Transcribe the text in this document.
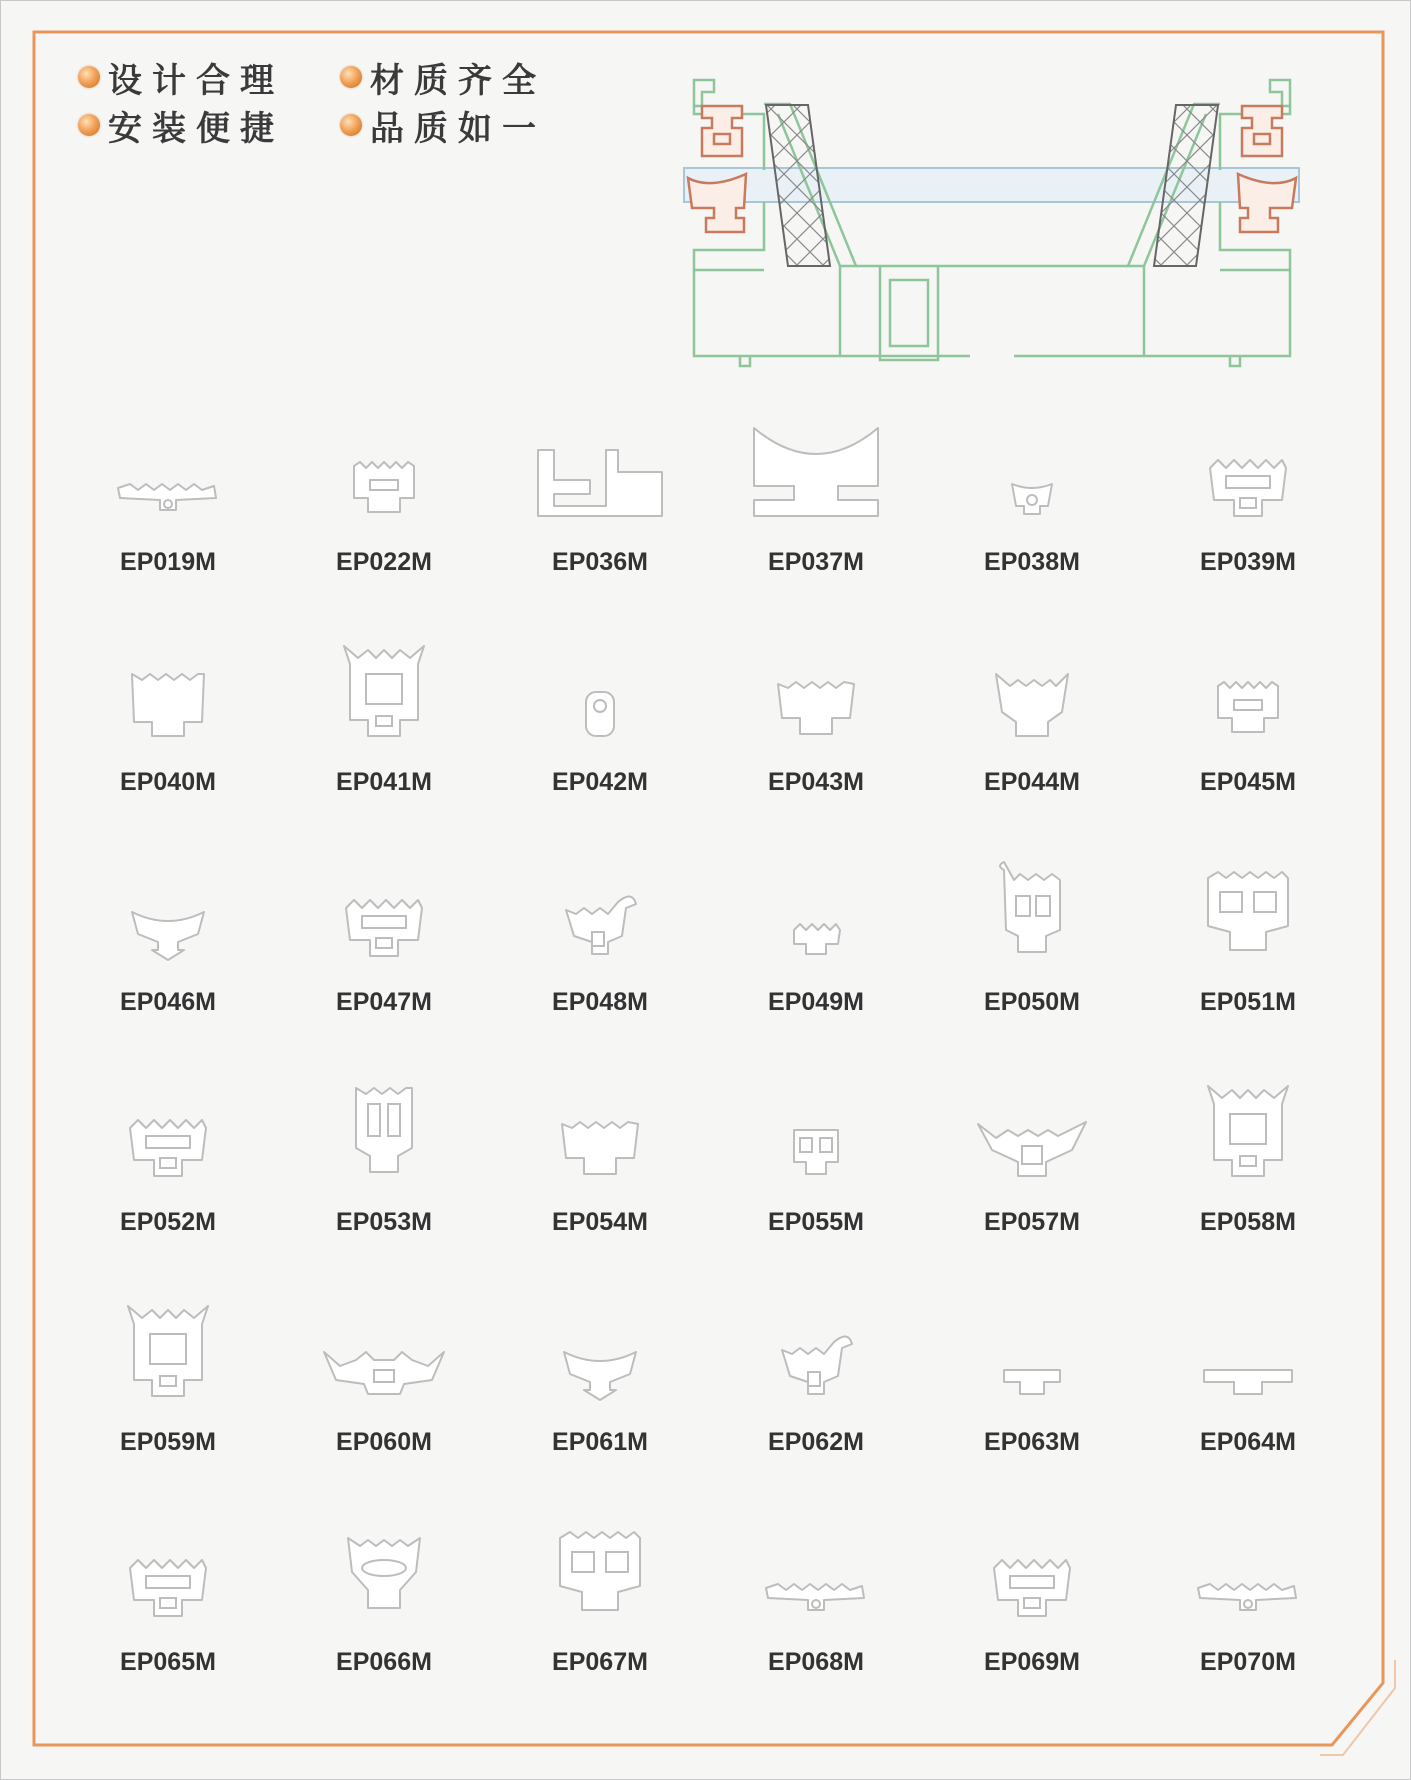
设计合理	材质齐全
安装便捷	品质如一
EP019M	EP022M	EP036M	EP037M	EP038M	EP039M
EP040M	EP041M	EP042M	EP043M	EP044M	EP045M
EP046M	EP047M	EP048M	EP049M	EP050M	EP051M
EP052M	EP053M	EP054M	EP055M	EP057M	EP058M
EP059M	EP060M	EP061M	EP062M	EP063M	EP064M
EP065M	EP066M	EP067M	EP068M	EP069M	EP070M
